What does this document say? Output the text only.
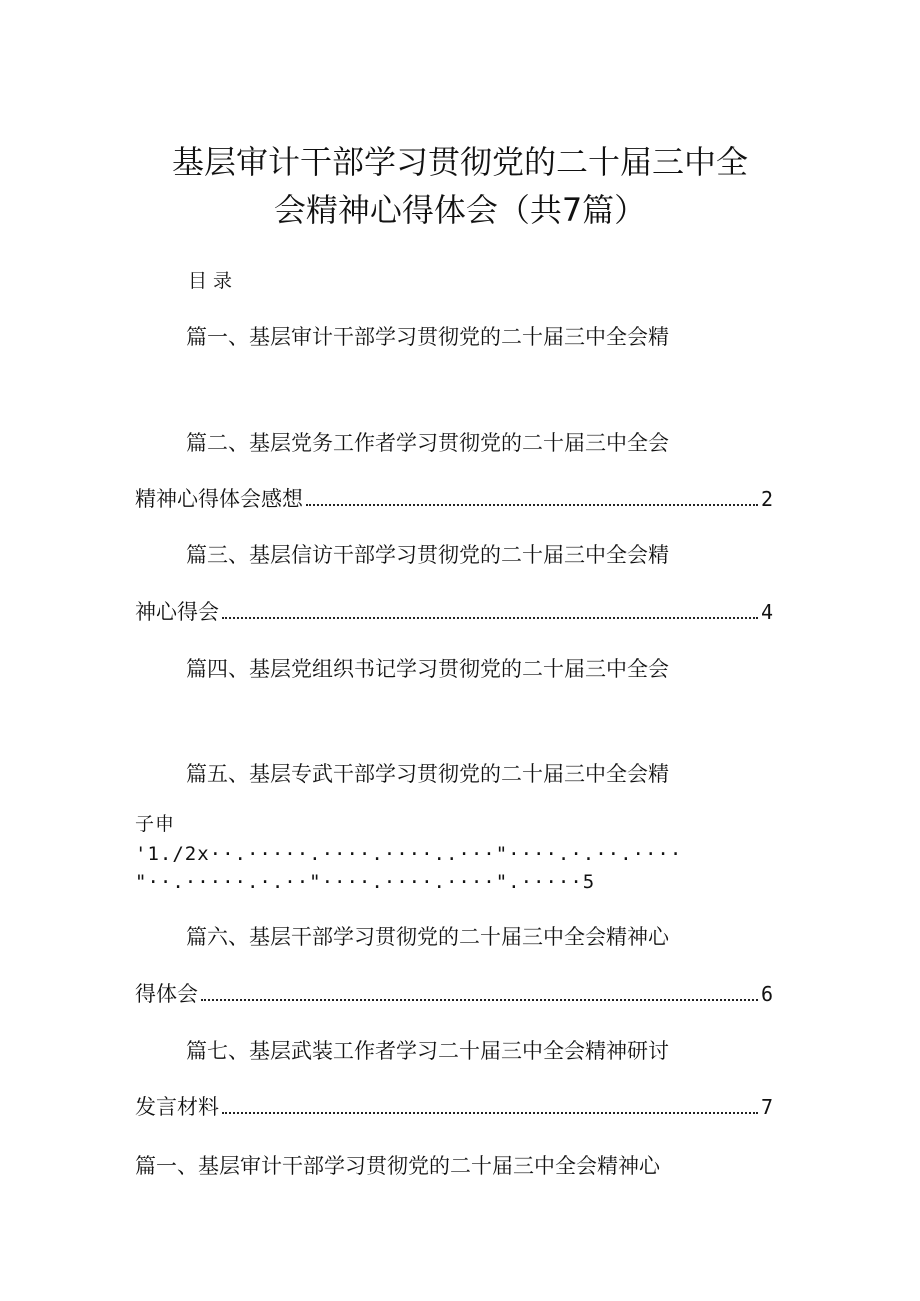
基层审计干部学习贯彻党的二十届三中全
会精神心得体会（共7篇）
目录
篇一、基层审计干部学习贯彻党的二十届三中全会精
篇二、基层党务工作者学习贯彻党的二十届三中全会
精神心得体会感想	2
篇三、基层信访干部学习贯彻党的二十届三中全会精
神心得会	4
篇四、基层党组织书记学习贯彻党的二十届三中全会
篇五、基层专武干部学习贯彻党的二十届三中全会精
子申
'1./2x··.·····.····.····..···"····.·.··.····
"··.·····.·.··"····.····.····".·····5
篇六、基层干部学习贯彻党的二十届三中全会精神心
得体会	6
篇七、基层武装工作者学习二十届三中全会精神研讨
发言材料	7
篇一、基层审计干部学习贯彻党的二十届三中全会精神心
